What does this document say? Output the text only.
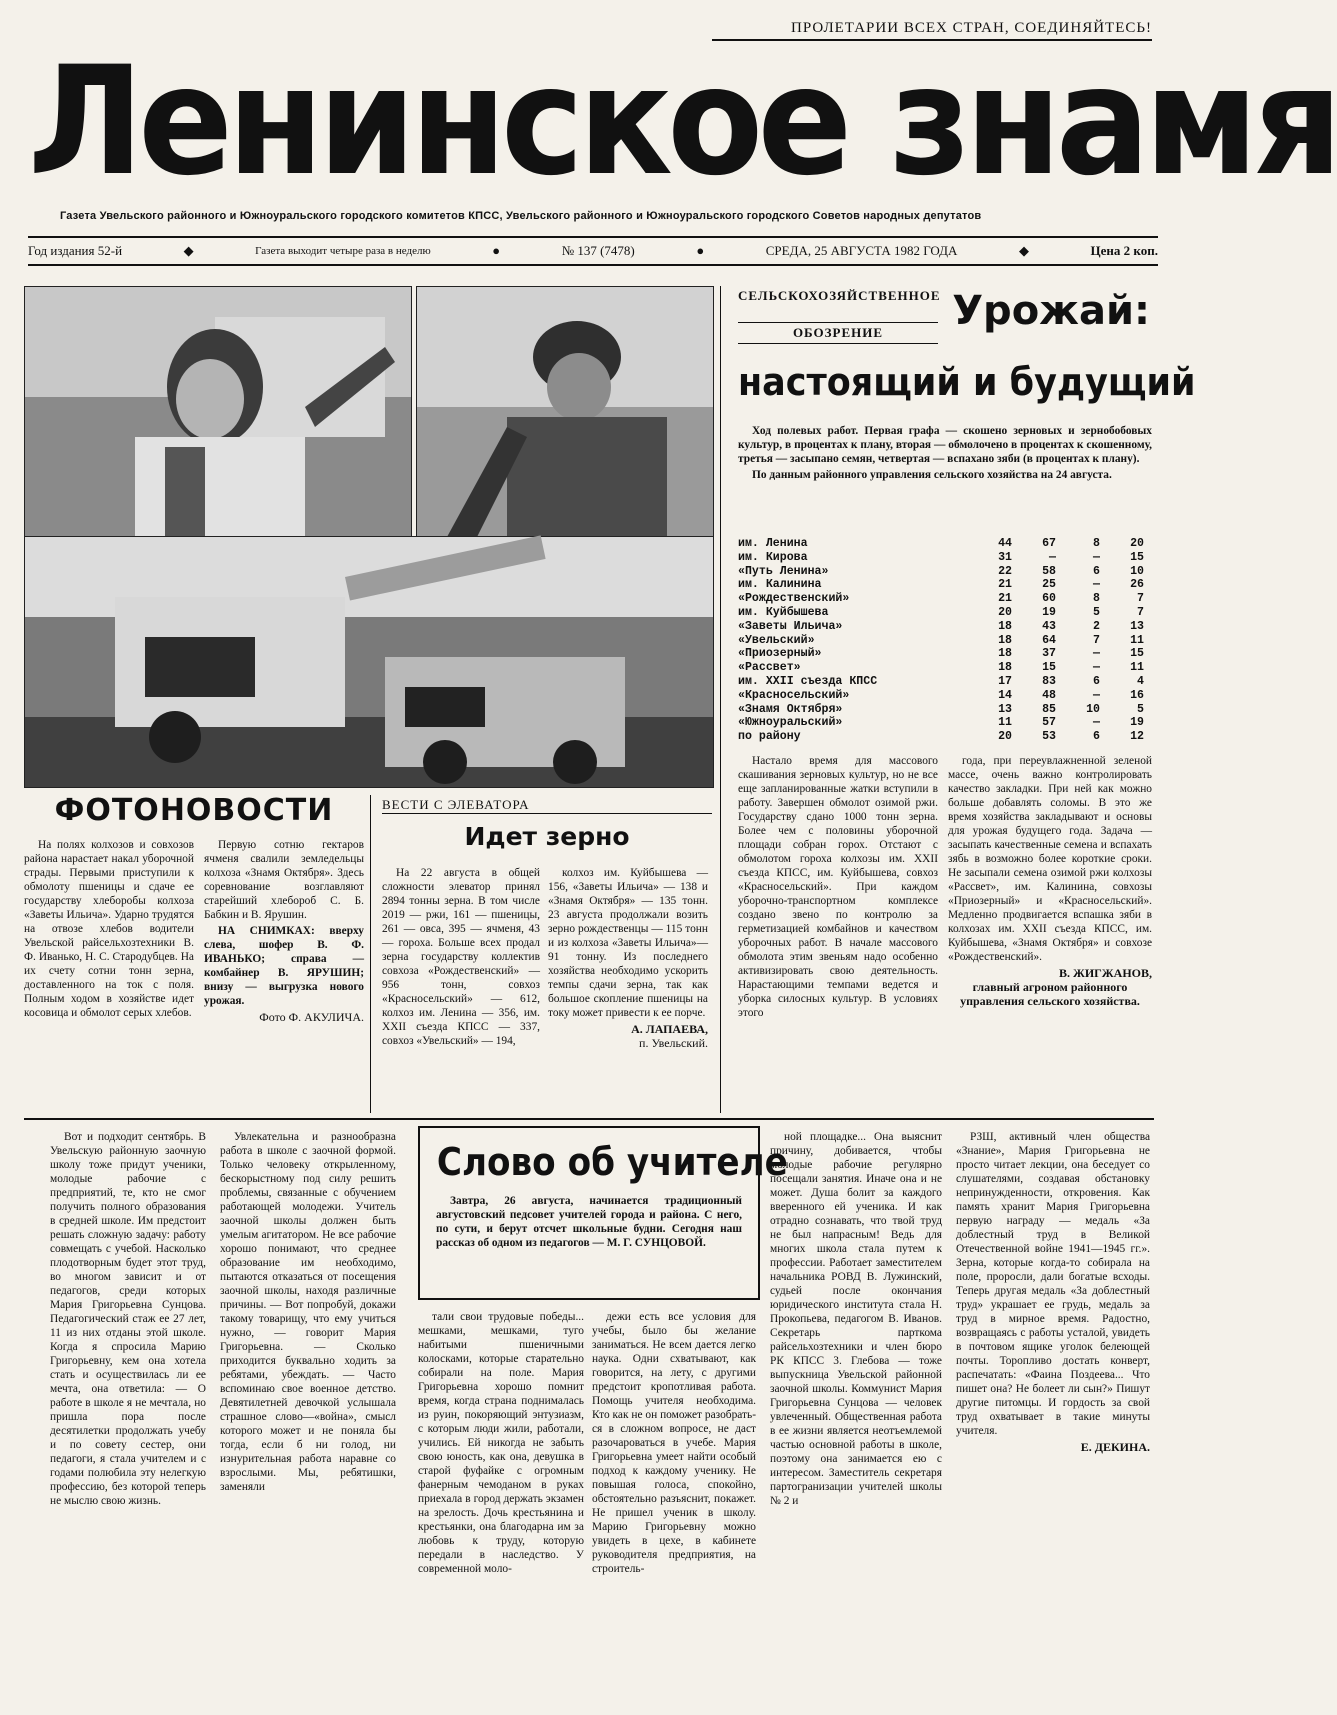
ПРОЛЕТАРИИ ВСЕХ СТРАН, СОЕДИНЯЙТЕСЬ!
Ленинское знамя
Газета Увельского районного и Южноуральского городского комитетов КПСС, Увельского районного и Южноуральского городского Советов народных депутатов
Год издания 52-й	◆	Газета выходит четыре раза в неделю	●	№ 137 (7478)	●	СРЕДА, 25 АВГУСТА 1982 ГОДА	◆	Цена 2 коп.
ФОТОНОВОСТИ

На полях колхозов и совхозов района нарастает накал уборочной страды. Первыми приступили к обмолоту пшеницы и сдаче ее государству хлеборобы колхоза «Заветы Ильича». Ударно трудятся на отвозе хлебов водители Увельской райсельхозтехники В. Ф. Иванько, Н. С. Стародубцев. На их счету сотни тонн зерна, доставленного на ток с поля. Полным ходом в хозяйстве идет косовица и обмолот серых хлебов.

Первую сотню гектаров ячменя свалили земледельцы колхоза «Знамя Октября». Здесь соревнование возглавляют старейший хлебороб С. Б. Бабкин и В. Ярушин.

НА СНИМКАХ: вверху слева, шофер В. Ф. ИВАНЬКО; справа — комбайнер В. ЯРУШИН; внизу — выгрузка нового урожая.

Фото Ф. АКУЛИЧА.
ВЕСТИ С ЭЛЕВАТОРА
Идет зерно

На 22 августа в общей сложности элеватор принял 2894 тонны зерна. В том числе 2019 — ржи, 161 — пшеницы, 261 — овса, 395 — ячменя, 43 — гороха. Больше всех продал зерна государству коллектив совхоза «Рождественский» — 956 тонн, совхоз «Красносельский» — 612, колхоз им. Ленина — 356, им. XXII съезда КПСС — 337, совхоз «Увельский» — 194,

колхоз им. Куйбышева — 156, «Заветы Ильича» — 138 и «Знамя Октября» — 135 тонн. 23 августа продолжали возить зерно рождественцы — 115 тонн и из колхоза «Заветы Ильича»—91 тонну. Из последнего хозяйства необходимо ускорить темпы сдачи зерна, так как большое скопление пшеницы на току может привести к ее порче.

А. ЛАПАЕВА,
п. Увельский.
СЕЛЬСКОХОЗЯЙСТВЕННОЕ
ОБОЗРЕНИЕ	Урожай:
настоящий и будущий

Ход полевых работ. Первая графа — скошено зерновых и зернобобовых культур, в процентах к плану, вторая — обмолочено в процентах к скошенному, третья — засыпано семян, четвертая — вспахано зяби (в процентах к плану).

По данным районного управления сельского хозяйства на 24 августа.

им. Ленина	44	67	8	20
им. Кирова	31	—	—	15
«Путь Ленина»	22	58	6	10
им. Калинина	21	25	—	26
«Рождественский»	21	60	8	7
им. Куйбышева	20	19	5	7
«Заветы Ильича»	18	43	2	13
«Увельский»	18	64	7	11
«Приозерный»	18	37	—	15
«Рассвет»	18	15	—	11
им. XXII съезда КПСС	17	83	6	4
«Красносельский»	14	48	—	16
«Знамя Октября»	13	85	10	5
«Южноуральский»	11	57	—	19
по району	20	53	6	12

Настало время для массового скашивания зерновых культур, но не все еще запланированные жатки вступили в работу. Завершен обмолот озимой ржи. Государству сдано 1000 тонн зерна. Более чем с половины уборочной площади собран горох. Отстают с обмолотом гороха колхозы им. XXII съезда КПСС, им. Куйбышева, совхоз «Красносельский». При каждом уборочно-транспортном комплексе создано звено по контролю за герметизацией комбайнов и качеством уборочных работ. В начале массового обмолота этим звеньям надо особенно активизировать свою деятельность. Нарастающими темпами ведется и уборка силосных культур. В условиях этого

года, при переувлажненной зеленой массе, очень важно контролировать качество закладки. При ней как можно больше добавлять соломы. В это же время хозяйства закладывают и основы для урожая будущего года. Задача — засыпать качественные семена и вспахать зябь в возможно более короткие сроки. Не засыпали семена озимой ржи колхозы «Рассвет», им. Калинина, совхозы «Приозерный» и «Красносельский». Медленно продвигается вспашка зяби в колхозах им. XXII съезда КПСС, им. Куйбышева, «Знамя Октября» и совхозе «Рождественский».

В. ЖИГЖАНОВ,
главный агроном районного управления сельского хозяйства.

Вот и подходит сентябрь. В Увельскую районную заочную школу тоже придут ученики, молодые рабочие с предприятий, те, кто не смог получить полного образования в средней школе. Им предстоит решать сложную задачу: работу совмещать с учебой. Насколько плодотворным будет этот труд, во многом зависит и от педагогов, среди которых Мария Григорьевна Сунцова. Педагогический стаж ее 27 лет, 11 из них отданы этой школе. Когда я спросила Марию Григорьевну, кем она хотела стать и осуществилась ли ее мечта, она ответила: — О работе в школе я не мечтала, но пришла пора после десятилетки продолжать учебу и по совету сестер, они педагоги, я стала учителем и с годами полюбила эту нелегкую профессию, без которой теперь не мыслю свою жизнь.

Увлекательна и разнообразна работа в школе с заочной формой. Только человеку открыленному, бескорыстному под силу решить проблемы, связанные с обучением работающей молодежи. Учитель заочной школы должен быть умелым агитатором. Не все рабочие хорошо понимают, что среднее образование им необходимо, пытаются отказаться от посещения заочной школы, находя различные причины. — Вот попробуй, докажи такому товарищу, что ему учиться нужно, — говорит Мария Григорьевна. — Сколько приходится буквально ходить за ребятами, убеждать. — Часто вспоминаю свое военное детство. Девятилетней девочкой услышала страшное слово—«война», смысл которого может и не поняла бы тогда, если б ни голод, ни изнурительная работа наравне со взрослыми. Мы, ребятишки, заменяли

Слово об учителе

Завтра, 26 августа, начинается традиционный августовский педсовет учителей города и района. С него, по сути, и берут отсчет школьные будни. Сегодня наш рассказ об одном из педагогов — М. Г. СУНЦОВОЙ.

тали свои трудовые победы... мешками, мешками, туго набитыми пшеничными колосками, которые старательно собирали на поле. Мария Григорьевна хорошо помнит время, когда страна поднималась из руин, покоряющий энтузиазм, с которым люди жили, работали, учились. Ей никогда не забыть свою юность, как она, девушка в старой фуфайке с огромным фанерным чемоданом в руках приехала в город держать экзамен на зрелость. Дочь крестьянина и крестьянки, она благодарна им за любовь к труду, которую передали в наследство. У современной моло-

дежи есть все условия для учебы, было бы желание заниматься. Не всем дается легко наука. Одни схватывают, как говорится, на лету, с другими предстоит кропотливая работа. Помощь учителя необходима. Кто как не он поможет разобрать-ся в сложном вопросе, не даст разочароваться в учебе. Мария Григорьевна умеет найти особый подход к каждому ученику. Не повышая голоса, спокойно, обстоятельно разъяснит, покажет. Не пришел ученик в школу. Марию Григорьевну можно увидеть в цехе, в кабинете руководителя предприятия, на строитель-

ной площадке... Она выяснит причину, добивается, чтобы молодые рабочие регулярно посещали занятия. Иначе она и не может. Душа болит за каждого вверенного ей ученика. И как отрадно сознавать, что твой труд не был напрасным! Ведь для многих школа стала путем к профессии. Работает заместителем начальника РОВД В. Лужинский, судьей после окончания юридического института стала Н. Прокопьева, педагогом В. Иванов. Секретарь парткома райсельхозтехники и член бюро РК КПСС 3. Глебова — тоже выпускница Увельской районной заочной школы. Коммунист Мария Григорьевна Сунцова — человек увлеченный. Общественная работа в ее жизни является неотъемлемой частью основной работы в школе, поэтому она занимается ею с интересом. Заместитель секретаря партогранизации учителей школы № 2 и

РЗШ, активный член общества «Знание», Мария Григорьевна не просто читает лекции, она беседует со слушателями, создавая обстановку непринужденности, откровения. Как память хранит Мария Григорьевна первую награду — медаль «За доблестный труд в Великой Отечественной войне 1941—1945 гг.». Зерна, которые когда-то собирала на поле, проросли, дали богатые всходы. Теперь другая медаль «За доблестный труд» украшает ее грудь, медаль за труд в мирное время. Радостно, возвращаясь с работы усталой, увидеть в почтовом ящике уголок белеющей почты. Торопливо достать конверт, распечатать: «Фаина Поздеева... Что пишет она? Не болеет ли сын?» Пишут другие питомцы. И гордость за свой труд охватывает в такие минуты учителя.

Е. ДЕКИНА.
